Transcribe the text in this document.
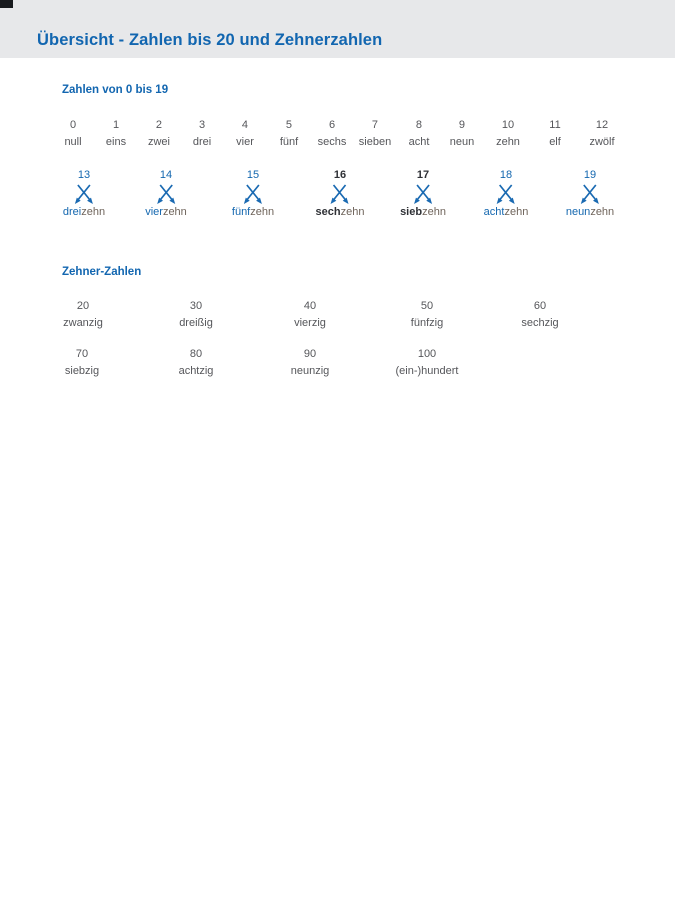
Übersicht - Zahlen bis 20 und Zehnerzahlen
Zahlen von 0 bis 19
0
null
1
eins
2
zwei
3
drei
4
vier
5
fünf
6
sechs
7
sieben
8
acht
9
neun
10
zehn
11
elf
12
zwölf
13
dreizehn
14
vierzehn
15
fünfzehn
16
sechzehn
17
siebzehn
18
achtzehn
19
neunzehn
Zehner-Zahlen
20
zwanzig
30
dreißig
40
vierzig
50
fünfzig
60
sechzig
70
siebzig
80
achtzig
90
neunzig
100
(ein-)hundert
